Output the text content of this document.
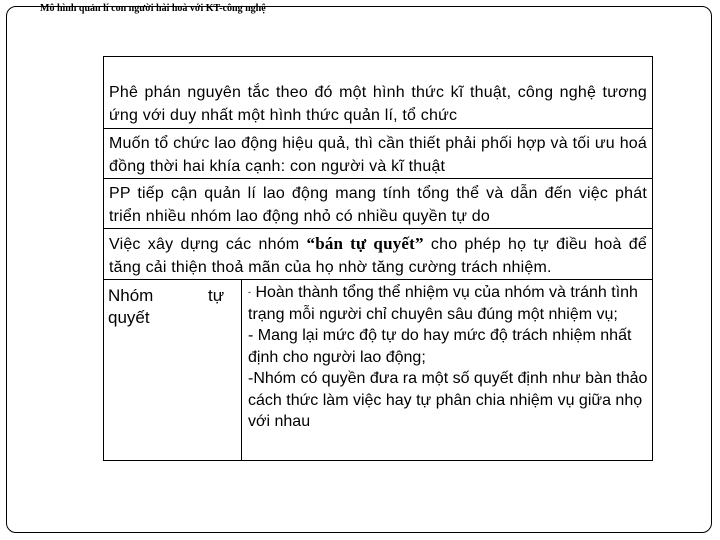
Mô hình quản lí con người hài hoà với KT-công nghệ
Phê phán nguyên tắc theo đó một hình thức kĩ thuật, công nghệ tương ứng với duy nhất một hình thức quản lí, tổ chức
Muốn tổ chức lao động hiệu quả, thì cần thiết phải phối hợp và tối ưu hoá đồng thời hai khía cạnh: con người và kĩ thuật
PP tiếp cận quản lí lao động mang tính tổng thể và dẫn đến việc phát triển nhiều nhóm lao động nhỏ có nhiều quyền tự do
Việc xây dựng các nhóm “bán tự quyết” cho phép họ tự điều hoà để tăng cải thiện thoả mãn của họ nhờ tăng cường trách nhiệm.
Nhóm	tự
quyết
- Hoàn thành tổng thể nhiệm vụ của nhóm và tránh tình trạng mỗi người chỉ chuyên sâu đúng một nhiệm vụ;
- Mang lại mức độ tự do hay mức độ trách nhiệm nhất định cho người lao động;
-Nhóm có quyền đưa ra một số quyết định như bàn thảo cách thức làm việc hay tự phân chia nhiệm vụ giữa nhọ với nhau
